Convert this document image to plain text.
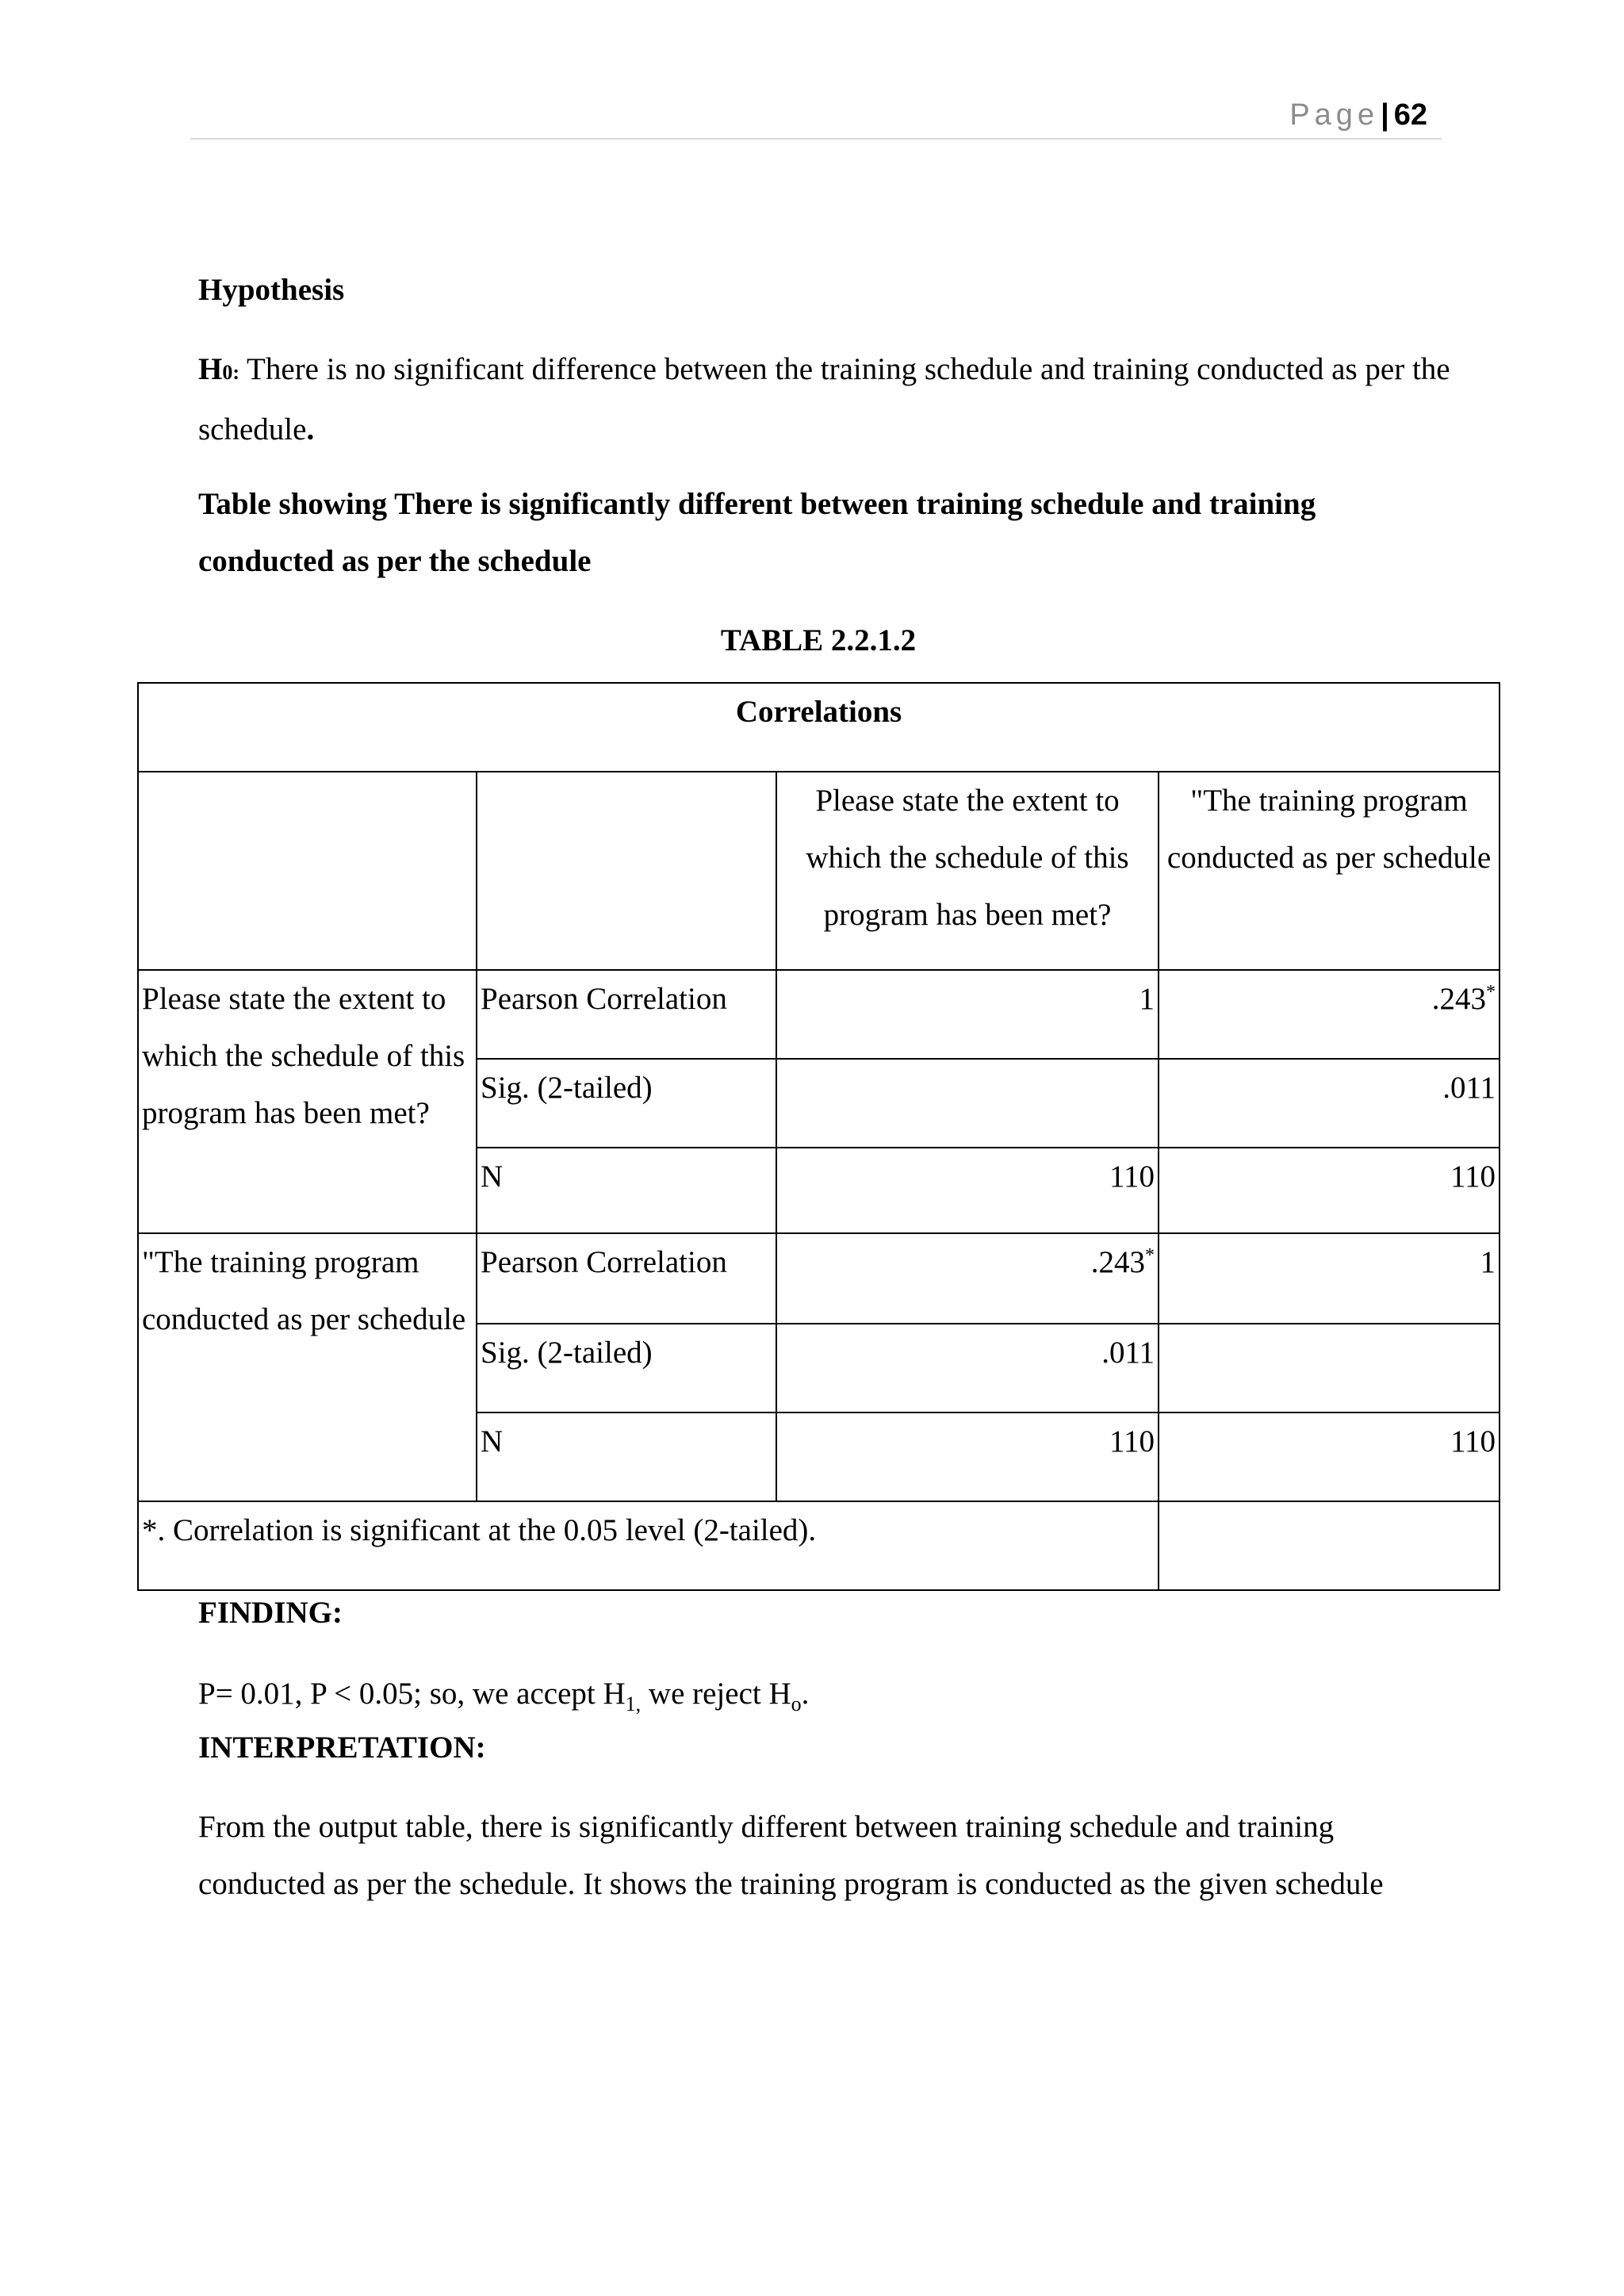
Page| 62
Hypothesis
H0: There is no significant difference between the training schedule and training conducted as per the schedule.
Table showing There is significantly different between training schedule and training conducted as per the schedule
TABLE 2.2.1.2
Correlations			
		Please state the extent to which the schedule of this program has been met?	"The training program conducted as per schedule
Please state the extent to which the schedule of this program has been met?	Pearson Correlation	1	.243*
	Sig. (2-tailed)		.011
	N	110	110
"The training program conducted as per schedule	Pearson Correlation	.243*	1
	Sig. (2-tailed)	.011	
	N	110	110
*. Correlation is significant at the 0.05 level (2-tailed).			
FINDING:
P= 0.01, P < 0.05; so, we accept $H_{1,}$ we reject $H_o$.
INTERPRETATION:
From the output table, there is significantly different between training schedule and training conducted as per the schedule. It shows the training program is conducted as the given schedule
